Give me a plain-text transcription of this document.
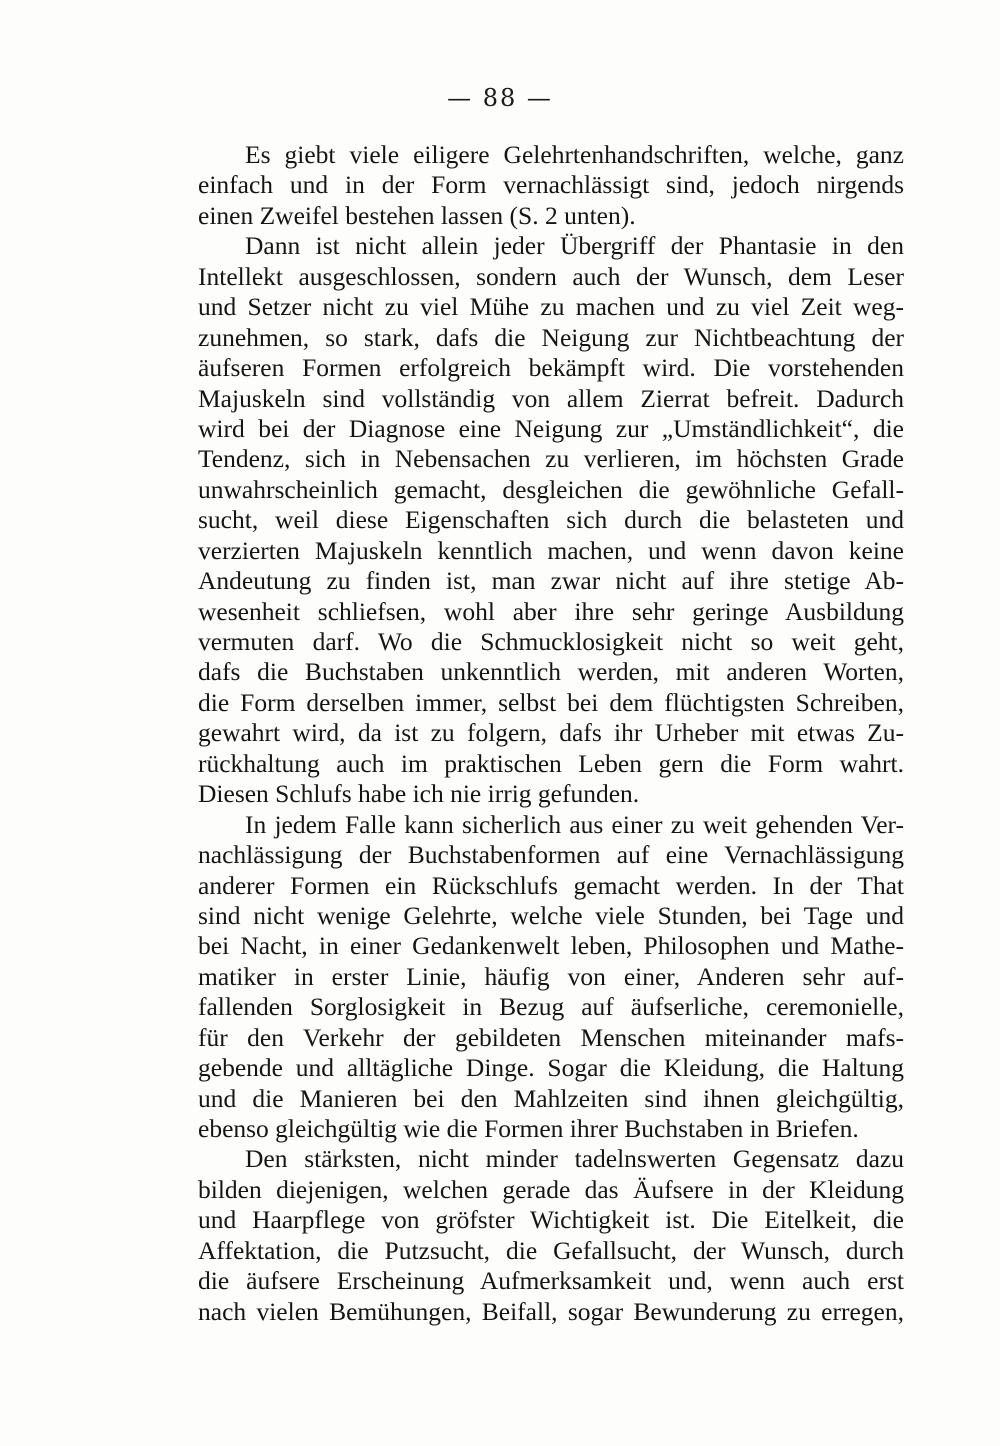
— 88 —
Es giebt viele eiligere Gelehrtenhandschriften, welche, ganz
einfach und in der Form vernachlässigt sind, jedoch nirgends
einen Zweifel bestehen lassen (S. 2 unten).
Dann ist nicht allein jeder Übergriff der Phantasie in den
Intellekt ausgeschlossen, sondern auch der Wunsch, dem Leser
und Setzer nicht zu viel Mühe zu machen und zu viel Zeit weg-
zunehmen, so stark, dafs die Neigung zur Nichtbeachtung der
äufseren Formen erfolgreich bekämpft wird. Die vorstehenden
Majuskeln sind vollständig von allem Zierrat befreit. Dadurch
wird bei der Diagnose eine Neigung zur „Umständlichkeit“, die
Tendenz, sich in Nebensachen zu verlieren, im höchsten Grade
unwahrscheinlich gemacht, desgleichen die gewöhnliche Gefall-
sucht, weil diese Eigenschaften sich durch die belasteten und
verzierten Majuskeln kenntlich machen, und wenn davon keine
Andeutung zu finden ist, man zwar nicht auf ihre stetige Ab-
wesenheit schliefsen, wohl aber ihre sehr geringe Ausbildung
vermuten darf. Wo die Schmucklosigkeit nicht so weit geht,
dafs die Buchstaben unkenntlich werden, mit anderen Worten,
die Form derselben immer, selbst bei dem flüchtigsten Schreiben,
gewahrt wird, da ist zu folgern, dafs ihr Urheber mit etwas Zu-
rückhaltung auch im praktischen Leben gern die Form wahrt.
Diesen Schlufs habe ich nie irrig gefunden.
In jedem Falle kann sicherlich aus einer zu weit gehenden Ver-
nachlässigung der Buchstabenformen auf eine Vernachlässigung
anderer Formen ein Rückschlufs gemacht werden. In der That
sind nicht wenige Gelehrte, welche viele Stunden, bei Tage und
bei Nacht, in einer Gedankenwelt leben, Philosophen und Mathe-
matiker in erster Linie, häufig von einer, Anderen sehr auf-
fallenden Sorglosigkeit in Bezug auf äufserliche, ceremonielle,
für den Verkehr der gebildeten Menschen miteinander mafs-
gebende und alltägliche Dinge. Sogar die Kleidung, die Haltung
und die Manieren bei den Mahlzeiten sind ihnen gleichgültig,
ebenso gleichgültig wie die Formen ihrer Buchstaben in Briefen.
Den stärksten, nicht minder tadelnswerten Gegensatz dazu
bilden diejenigen, welchen gerade das Äufsere in der Kleidung
und Haarpflege von gröfster Wichtigkeit ist. Die Eitelkeit, die
Affektation, die Putzsucht, die Gefallsucht, der Wunsch, durch
die äufsere Erscheinung Aufmerksamkeit und, wenn auch erst
nach vielen Bemühungen, Beifall, sogar Bewunderung zu erregen,
